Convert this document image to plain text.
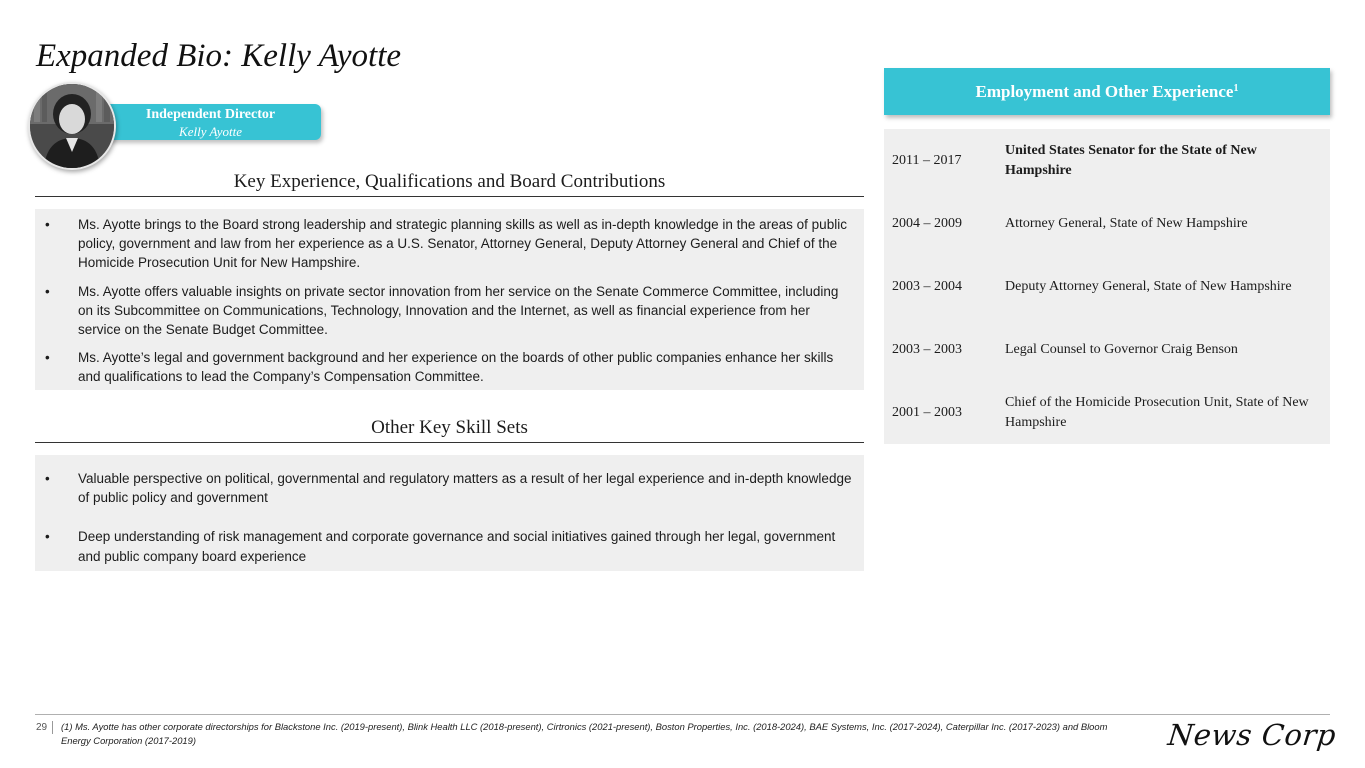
Expanded Bio: Kelly Ayotte
Independent Director
Kelly Ayotte
Key Experience, Qualifications and Board Contributions
• Ms. Ayotte brings to the Board strong leadership and strategic planning skills as well as in-depth knowledge in the areas of public policy, government and law from her experience as a U.S. Senator, Attorney General, Deputy Attorney General and Chief of the Homicide Prosecution Unit for New Hampshire.
• Ms. Ayotte offers valuable insights on private sector innovation from her service on the Senate Commerce Committee, including on its Subcommittee on Communications, Technology, Innovation and the Internet, as well as financial experience from her service on the Senate Budget Committee.
• Ms. Ayotte’s legal and government background and her experience on the boards of other public companies enhance her skills and qualifications to lead the Company’s Compensation Committee.
Other Key Skill Sets
• Valuable perspective on political, governmental and regulatory matters as a result of her legal experience and in-depth knowledge of public policy and government
• Deep understanding of risk management and corporate governance and social initiatives gained through her legal, government and public company board experience
Employment and Other Experience$^1$
2011 – 2017	United States Senator for the State of New Hampshire
2004 – 2009	Attorney General, State of New Hampshire
2003 – 2004	Deputy Attorney General, State of New Hampshire
2003 – 2003	Legal Counsel to Governor Craig Benson
2001 – 2003	Chief of the Homicide Prosecution Unit, State of New Hampshire
29	(1) Ms. Ayotte has other corporate directorships for Blackstone Inc. (2019-present), Blink Health LLC (2018-present), Cirtronics (2021-present), Boston Properties, Inc. (2018-2024), BAE Systems, Inc. (2017-2024), Caterpillar Inc. (2017-2023) and Bloom Energy Corporation (2017-2019)	News Corp
